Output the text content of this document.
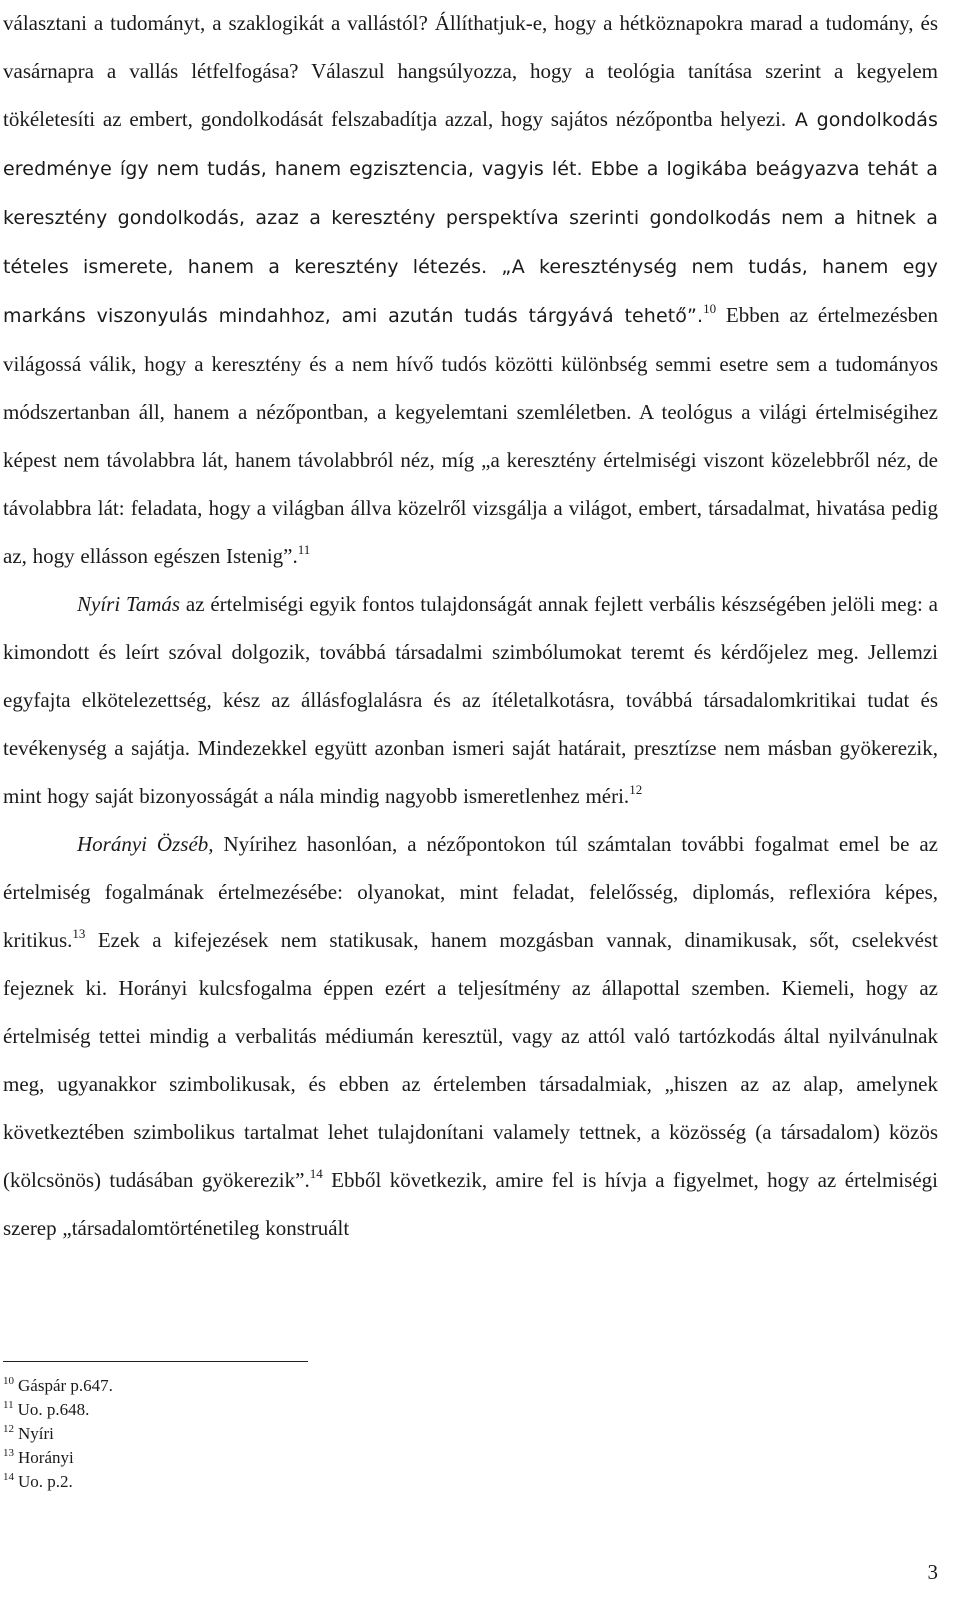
választani a tudományt, a szaklogikát a vallástól? Állíthatjuk-e, hogy a hétköznapokra marad a tudomány, és vasárnapra a vallás létfelfogása? Válaszul hangsúlyozza, hogy a teológia tanítása szerint a kegyelem tökéletesíti az embert, gondolkodását felszabadítja azzal, hogy sajátos nézőpontba helyezi. A gondolkodás eredménye így nem tudás, hanem egzisztencia, vagyis lét. Ebbe a logikába beágyazva tehát a keresztény gondolkodás, azaz a keresztény perspektíva szerinti gondolkodás nem a hitnek a tételes ismerete, hanem a keresztény létezés. „A kereszténység nem tudás, hanem egy markáns viszonyulás mindahhoz, ami azután tudás tárgyává tehető”.$^{10}$ Ebben az értelmezésben világossá válik, hogy a keresztény és a nem hívő tudós közötti különbség semmi esetre sem a tudományos módszertanban áll, hanem a nézőpontban, a kegyelemtani szemléletben. A teológus a világi értelmiségihez képest nem távolabbra lát, hanem távolabbról néz, míg „a keresztény értelmiségi viszont közelebbről néz, de távolabbra lát: feladata, hogy a világban állva közelről vizsgálja a világot, embert, társadalmat, hivatása pedig az, hogy ellásson egészen Istenig”.$^{11}$

Nyíri Tamás az értelmiségi egyik fontos tulajdonságát annak fejlett verbális készségében jelöli meg: a kimondott és leírt szóval dolgozik, továbbá társadalmi szimbólumokat teremt és kérdőjelez meg. Jellemzi egyfajta elkötelezettség, kész az állásfoglalásra és az ítéletalkotásra, továbbá társadalomkritikai tudat és tevékenység a sajátja. Mindezekkel együtt azonban ismeri saját határait, presztízse nem másban gyökerezik, mint hogy saját bizonyosságát a nála mindig nagyobb ismeretlenhez méri.$^{12}$

Horányi Özséb, Nyírihez hasonlóan, a nézőpontokon túl számtalan további fogalmat emel be az értelmiség fogalmának értelmezésébe: olyanokat, mint feladat, felelősség, diplomás, reflexióra képes, kritikus.$^{13}$ Ezek a kifejezések nem statikusak, hanem mozgásban vannak, dinamikusak, sőt, cselekvést fejeznek ki. Horányi kulcsfogalma éppen ezért a teljesítmény az állapottal szemben. Kiemeli, hogy az értelmiség tettei mindig a verbalitás médiumán keresztül, vagy az attól való tartózkodás által nyilvánulnak meg, ugyanakkor szimbolikusak, és ebben az értelemben társadalmiak, „hiszen az az alap, amelynek következtében szimbolikus tartalmat lehet tulajdonítani valamely tettnek, a közösség (a társadalom) közös (kölcsönös) tudásában gyökerezik”.$^{14}$ Ebből következik, amire fel is hívja a figyelmet, hogy az értelmiségi szerep „társadalomtörténetileg konstruált

$^{10}$ Gáspár p.647.
$^{11}$ Uo. p.648.
$^{12}$ Nyíri
$^{13}$ Horányi
$^{14}$ Uo. p.2.
3
